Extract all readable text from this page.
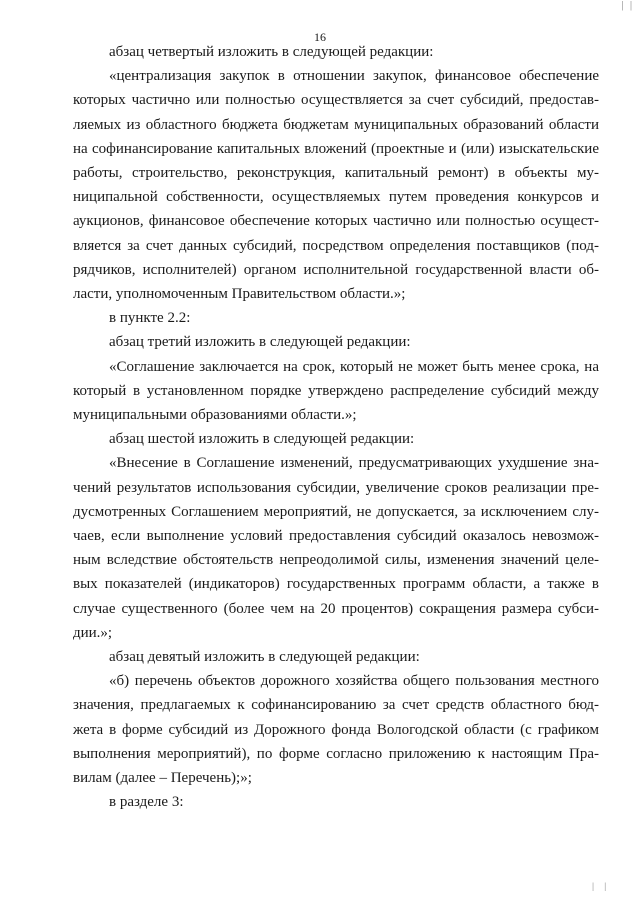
| |
16

абзац четвертый изложить в следующей редакции:

«централизация закупок в отношении закупок, финансовое обеспечение которых частично или полностью осуществляется за счет субсидий, предоставляемых из областного бюджета бюджетам муниципальных образований области на софинансирование капитальных вложений (проектные и (или) изыскательские работы, строительство, реконструкция, капитальный ремонт) в объекты муниципальной собственности, осуществляемых путем проведения конкурсов и аукционов, финансовое обеспечение которых частично или полностью осуществляется за счет данных субсидий, посредством определения поставщиков (подрядчиков, исполнителей) органом исполнительной государственной власти области, уполномоченным Правительством области.»;

в пункте 2.2:

абзац третий изложить в следующей редакции:

«Соглашение заключается на срок, который не может быть менее срока, на который в установленном порядке утверждено распределение субсидий между муниципальными образованиями области.»;

абзац шестой изложить в следующей редакции:

«Внесение в Соглашение изменений, предусматривающих ухудшение значений результатов использования субсидии, увеличение сроков реализации предусмотренных Соглашением мероприятий, не допускается, за исключением случаев, если выполнение условий предоставления субсидий оказалось невозможным вследствие обстоятельств непреодолимой силы, изменения значений целевых показателей (индикаторов) государственных программ области, а также в случае существенного (более чем на 20 процентов) сокращения размера субсидии.»;

абзац девятый изложить в следующей редакции:

«б) перечень объектов дорожного хозяйства общего пользования местного значения, предлагаемых к софинансированию за счет средств областного бюджета в форме субсидий из Дорожного фонда Вологодской области (с графиком выполнения мероприятий), по форме согласно приложению к настоящим Правилам (далее – Перечень);»;

в разделе 3:

| |
